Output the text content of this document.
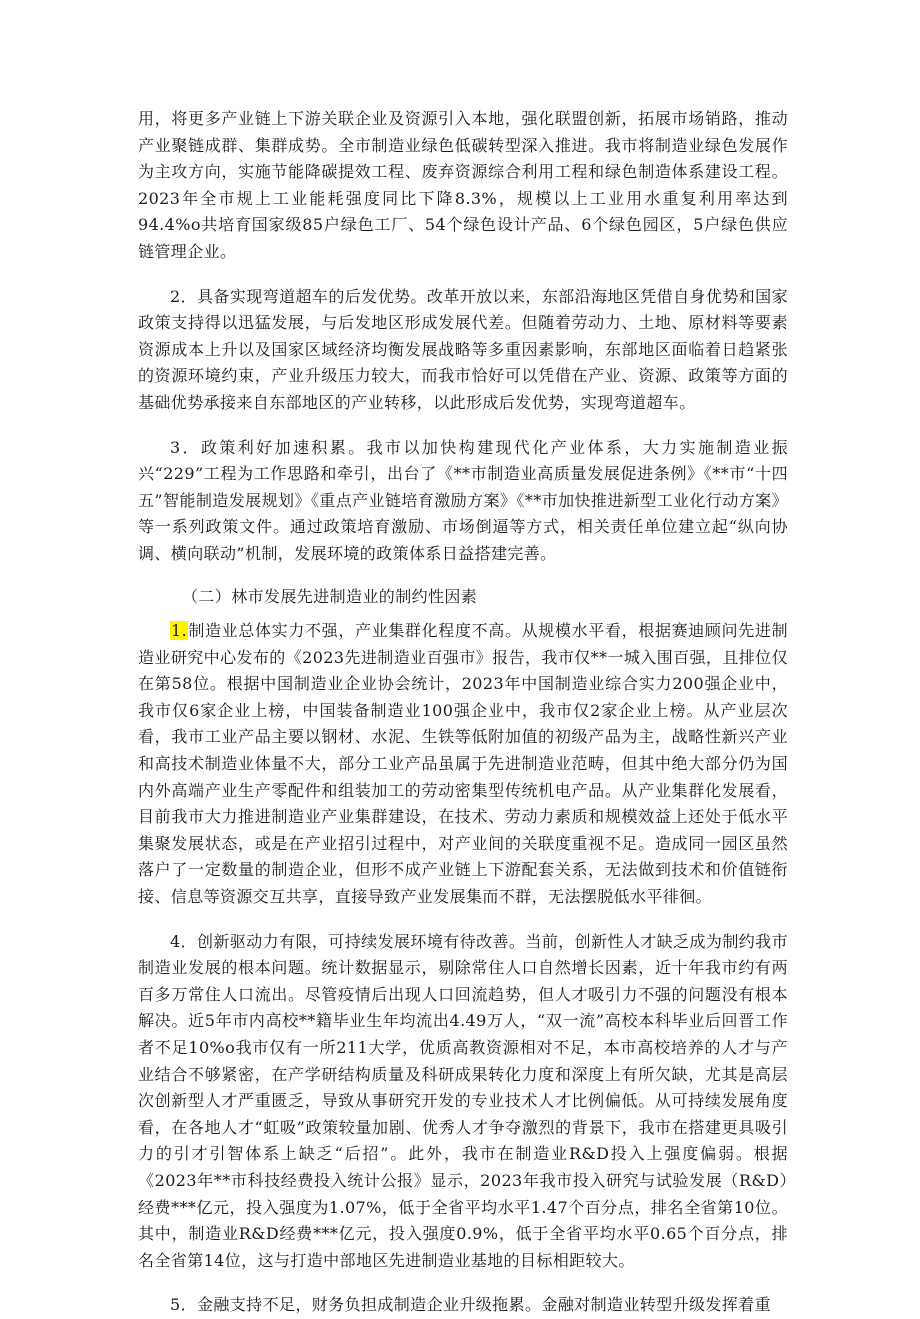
用，将更多产业链上下游关联企业及资源引入本地，强化联盟创新，拓展市场销路，推动产业聚链成群、集群成势。全市制造业绿色低碳转型深入推进。我市将制造业绿色发展作为主攻方向，实施节能降碳提效工程、废弃资源综合利用工程和绿色制造体系建设工程。2023年全市规上工业能耗强度同比下降8.3%，规模以上工业用水重复利用率达到94.4%o共培育国家级85户绿色工厂、54个绿色设计产品、6个绿色园区，5户绿色供应链管理企业。

2．具备实现弯道超车的后发优势。改革开放以来，东部沿海地区凭借自身优势和国家政策支持得以迅猛发展，与后发地区形成发展代差。但随着劳动力、土地、原材料等要素资源成本上升以及国家区域经济均衡发展战略等多重因素影响，东部地区面临着日趋紧张的资源环境约束，产业升级压力较大，而我市恰好可以凭借在产业、资源、政策等方面的基础优势承接来自东部地区的产业转移，以此形成后发优势，实现弯道超车。

3．政策利好加速积累。我市以加快构建现代化产业体系，大力实施制造业振兴“229”工程为工作思路和牵引，出台了《**市制造业高质量发展促进条例》《**市“十四五”智能制造发展规划》《重点产业链培育激励方案》《**市加快推进新型工业化行动方案》等一系列政策文件。通过政策培育激励、市场倒逼等方式，相关责任单位建立起“纵向协调、横向联动”机制，发展环境的政策体系日益搭建完善。

（二）林市发展先进制造业的制约性因素

1.制造业总体实力不强，产业集群化程度不高。从规模水平看，根据赛迪顾问先进制造业研究中心发布的《2023先进制造业百强市》报告，我市仅**一城入围百强，且排位仅在第58位。根据中国制造业企业协会统计，2023年中国制造业综合实力200强企业中，我市仅6家企业上榜，中国装备制造业100强企业中，我市仅2家企业上榜。从产业层次看，我市工业产品主要以钢材、水泥、生铁等低附加值的初级产品为主，战略性新兴产业和高技术制造业体量不大，部分工业产品虽属于先进制造业范畴，但其中绝大部分仍为国内外高端产业生产零配件和组装加工的劳动密集型传统机电产品。从产业集群化发展看，目前我市大力推进制造业产业集群建设，在技术、劳动力素质和规模效益上还处于低水平集聚发展状态，或是在产业招引过程中，对产业间的关联度重视不足。造成同一园区虽然落户了一定数量的制造企业，但形不成产业链上下游配套关系，无法做到技术和价值链衔接、信息等资源交互共享，直接导致产业发展集而不群，无法摆脱低水平徘徊。

4．创新驱动力有限，可持续发展环境有待改善。当前，创新性人才缺乏成为制约我市制造业发展的根本问题。统计数据显示，剔除常住人口自然增长因素，近十年我市约有两百多万常住人口流出。尽管疫情后出现人口回流趋势，但人才吸引力不强的问题没有根本解决。近5年市内高校**籍毕业生年均流出4.49万人，“双一流”高校本科毕业后回晋工作者不足10%o我市仅有一所211大学，优质高教资源相对不足，本市高校培养的人才与产业结合不够紧密，在产学研结构质量及科研成果转化力度和深度上有所欠缺，尤其是高层次创新型人才严重匮乏，导致从事研究开发的专业技术人才比例偏低。从可持续发展角度看，在各地人才“虹吸”政策较量加剧、优秀人才争夺激烈的背景下，我市在搭建更具吸引力的引才引智体系上缺乏“后招”。此外，我市在制造业R&D投入上强度偏弱。根据《2023年**市科技经费投入统计公报》显示，2023年我市投入研究与试验发展（R&D）经费***亿元，投入强度为1.07%，低于全省平均水平1.47个百分点，排名全省第10位。其中，制造业R&D经费***亿元，投入强度0.9%，低于全省平均水平0.65个百分点，排名全省第14位，这与打造中部地区先进制造业基地的目标相距较大。

5．金融支持不足，财务负担成制造企业升级拖累。金融对制造业转型升级发挥着重
